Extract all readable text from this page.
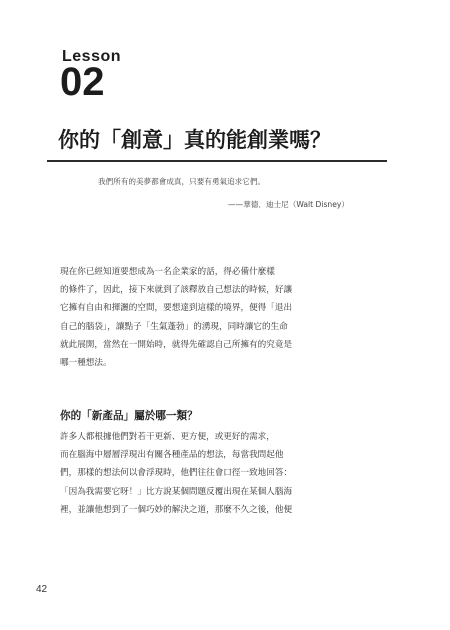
Lesson
02
你的「創意」真的能創業嗎？
我們所有的美夢都會成真，只要有勇氣追求它們。
——華德．迪士尼（Walt Disney）
現在你已經知道要想成為一名企業家的話，得必備什麼樣
的條件了，因此，接下來就到了該釋放自己想法的時候，好讓
它擁有自由和揮灑的空間，要想達到這樣的境界，便得「退出
自己的腦袋」，讓點子「生氣蓬勃」的湧現，同時讓它的生命
就此展開，當然在一開始時，就得先確認自己所擁有的究竟是
哪一種想法。
你的「新產品」屬於哪一類？
許多人都根據他們對若干更新、更方便，或更好的需求，
而在腦海中層層浮現出有關各種產品的想法，每當我問起他
們，那樣的想法何以會浮現時，他們往往會口徑一致地回答：
「因為我需要它呀！」比方說某個問題反覆出現在某個人腦海
裡，並讓他想到了一個巧妙的解決之道，那麼不久之後，他便
42
